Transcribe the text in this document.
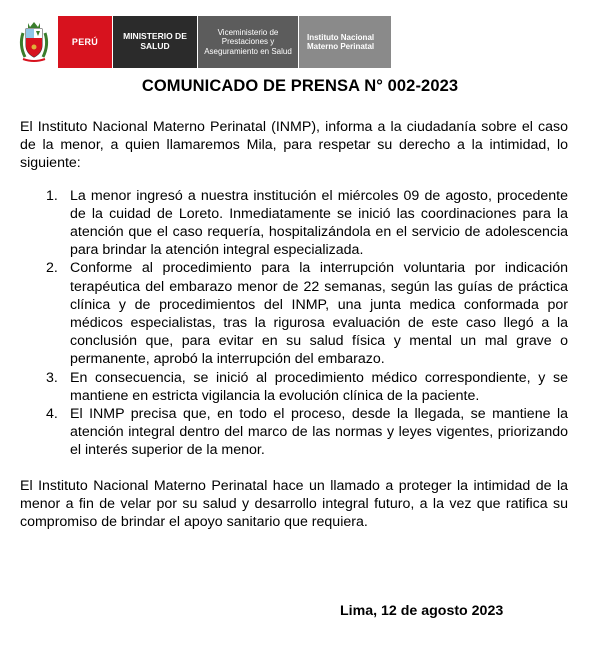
PERÚ
MINISTERIO DE
SALUD
Viceministerio de
Prestaciones y
Aseguramiento en Salud
Instituto Nacional
Materno Perinatal
COMUNICADO DE PRENSA N° 002-2023

El Instituto Nacional Materno Perinatal (INMP), informa a la ciudadanía sobre el caso de la menor, a quien llamaremos Mila, para respetar su derecho a la intimidad, lo siguiente:

1. La menor ingresó a nuestra institución el miércoles 09 de agosto, procedente de la cuidad de Loreto. Inmediatamente se inició las coordinaciones para la atención que el caso requería, hospitalizándola en el servicio de adolescencia para brindar la atención integral especializada.
2. Conforme al procedimiento para la interrupción voluntaria por indicación terapéutica del embarazo menor de 22 semanas, según las guías de práctica clínica y de procedimientos del INMP, una junta medica conformada por médicos especialistas, tras la rigurosa evaluación de este caso llegó a la conclusión que, para evitar en su salud física y mental un mal grave o permanente, aprobó la interrupción del embarazo.
3. En consecuencia, se inició al procedimiento médico correspondiente, y se mantiene en estricta vigilancia la evolución clínica de la paciente.
4. El INMP precisa que, en todo el proceso, desde la llegada, se mantiene la atención integral dentro del marco de las normas y leyes vigentes, priorizando el interés superior de la menor.

El Instituto Nacional Materno Perinatal hace un llamado a proteger la intimidad de la menor a fin de velar por su salud y desarrollo integral futuro, a la vez que ratifica su compromiso de brindar el apoyo sanitario que requiera.

Lima, 12 de agosto 2023
